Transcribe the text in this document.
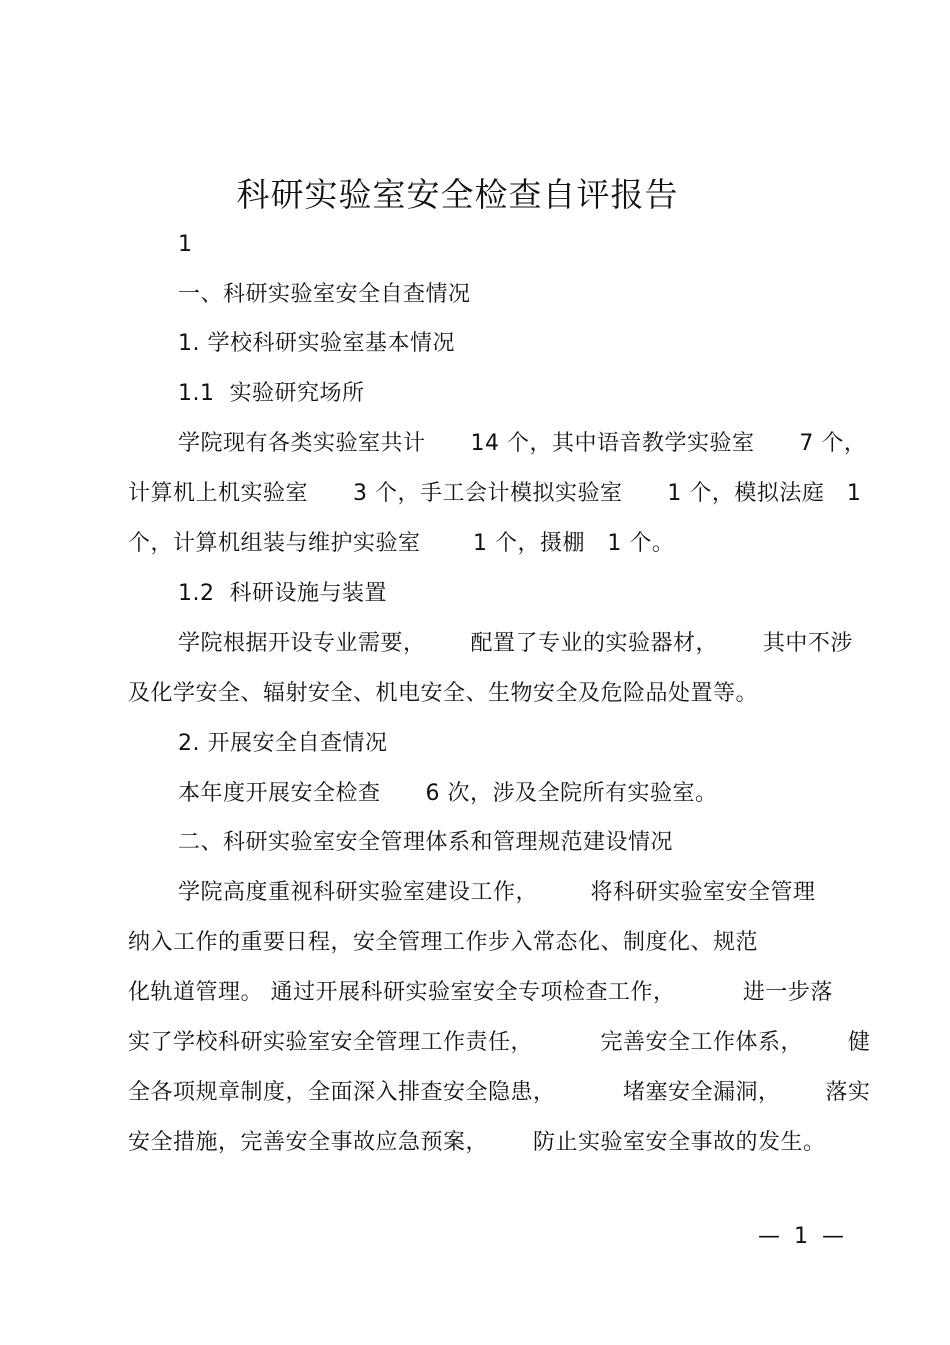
科研实验室安全检查自评报告
1
一、科研实验室安全自查情况
1. 学校科研实验室基本情况
1.1  实验研究场所
学院现有各类实验室共计      14 个，其中语音教学实验室      7 个，
计算机上机实验室      3 个，手工会计模拟实验室      1 个，模拟法庭   1
个，计算机组装与维护实验室       1 个，摄棚   1 个。
1.2  科研设施与装置
学院根据开设专业需要，      配置了专业的实验器材，      其中不涉
及化学安全、辐射安全、机电安全、生物安全及危险品处置等。
2. 开展安全自查情况
本年度开展安全检查      6 次，涉及全院所有实验室。
二、科研实验室安全管理体系和管理规范建设情况
学院高度重视科研实验室建设工作，       将科研实验室安全管理
纳入工作的重要日程，安全管理工作步入常态化、制度化、规范
化轨道管理。 通过开展科研实验室安全专项检查工作，         进一步落
实了学校科研实验室安全管理工作责任，         完善安全工作体系，      健
全各项规章制度，全面深入排查安全隐患，         堵塞安全漏洞，      落实
安全措施，完善安全事故应急预案，      防止实验室安全事故的发生。
—  1  —
